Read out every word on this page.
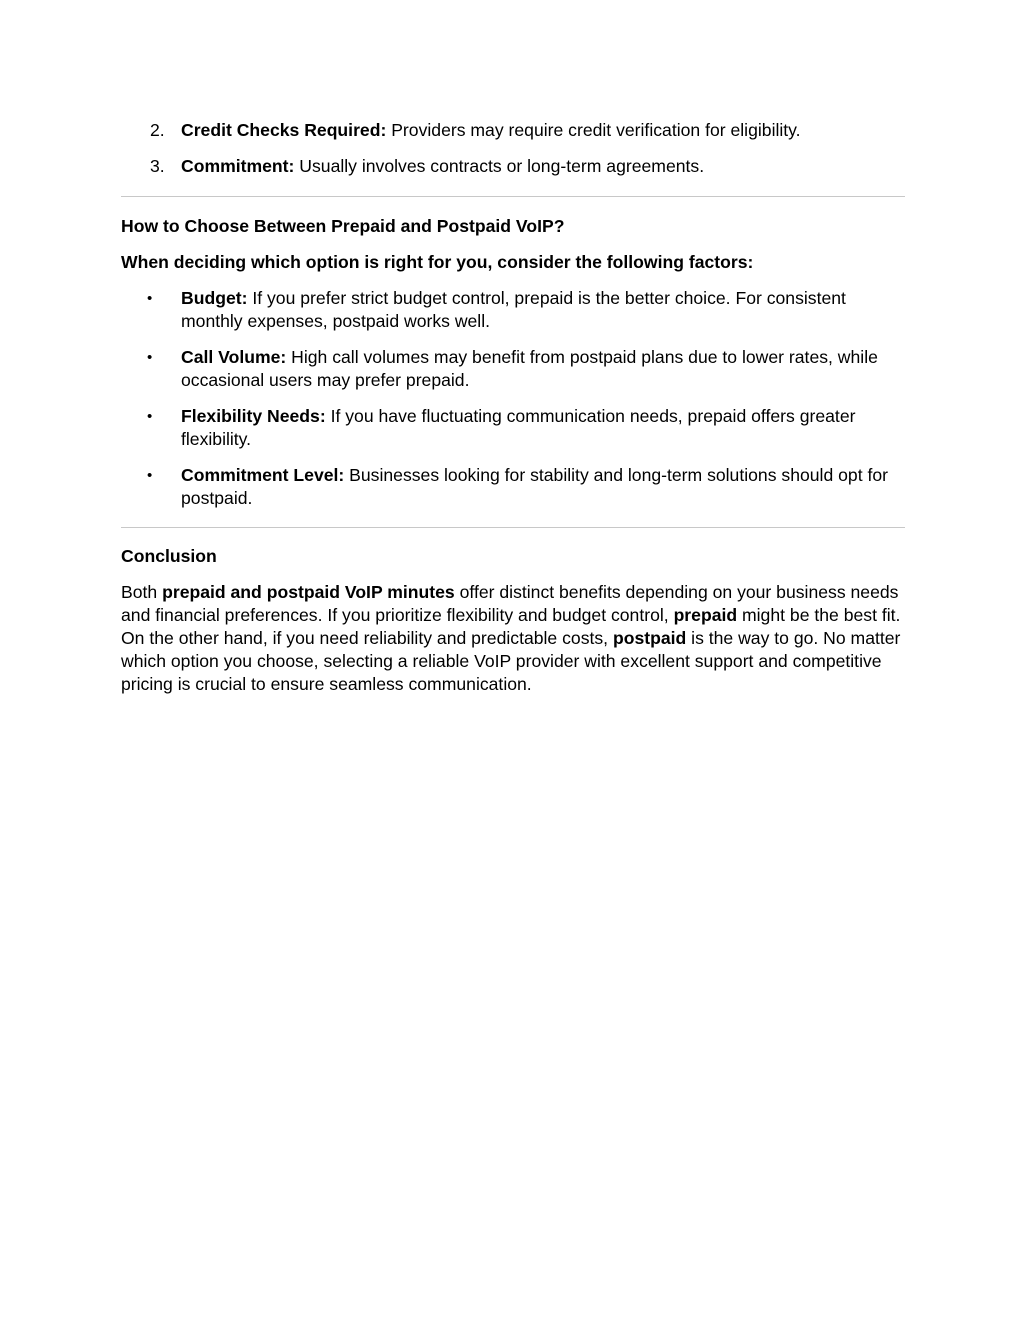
2. Credit Checks Required: Providers may require credit verification for eligibility.
3. Commitment: Usually involves contracts or long-term agreements.
How to Choose Between Prepaid and Postpaid VoIP?
When deciding which option is right for you, consider the following factors:
• Budget: If you prefer strict budget control, prepaid is the better choice. For consistent monthly expenses, postpaid works well.
• Call Volume: High call volumes may benefit from postpaid plans due to lower rates, while occasional users may prefer prepaid.
• Flexibility Needs: If you have fluctuating communication needs, prepaid offers greater flexibility.
• Commitment Level: Businesses looking for stability and long-term solutions should opt for postpaid.
Conclusion

Both prepaid and postpaid VoIP minutes offer distinct benefits depending on your business needs and financial preferences. If you prioritize flexibility and budget control, prepaid might be the best fit. On the other hand, if you need reliability and predictable costs, postpaid is the way to go. No matter which option you choose, selecting a reliable VoIP provider with excellent support and competitive pricing is crucial to ensure seamless communication.
